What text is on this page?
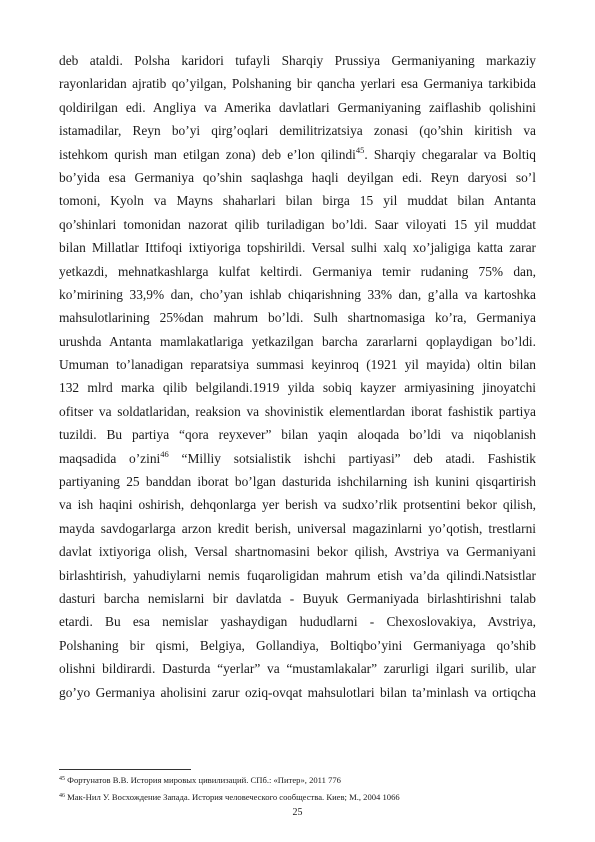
deb ataldi. Polsha karidori tufayli Sharqiy Prussiya Germaniyaning markaziy
rayonlaridan ajratib qo’yilgan, Polshaning bir qancha yerlari esa Germaniya tarkibida
qoldirilgan edi. Angliya va Amerika davlatlari Germaniyaning zaiflashib qolishini
istamadilar, Reyn bo’yi qirg’oqlari demilitrizatsiya zonasi (qo’shin kiritish va
istehkom qurish man etilgan zona) deb e’lon qilindi$^{45}$. Sharqiy chegaralar va Boltiq
bo’yida esa Germaniya qo’shin saqlashga haqli deyilgan edi. Reyn daryosi so’l
tomoni, Kyoln va Mayns shaharlari bilan birga 15 yil muddat bilan Antanta
qo’shinlari tomonidan nazorat qilib turiladigan bo’ldi. Saar viloyati 15 yil muddat
bilan Millatlar Ittifoqi ixtiyoriga topshirildi. Versal sulhi xalq xo’jaligiga katta zarar
yetkazdi, mehnatkashlarga kulfat keltirdi. Germaniya temir rudaning 75% dan,
ko’mirining 33,9% dan, cho’yan ishlab chiqarishning 33% dan, g’alla va kartoshka
mahsulotlarining 25%dan mahrum bo’ldi. Sulh shartnomasiga ko’ra, Germaniya
urushda Antanta mamlakatlariga yetkazilgan barcha zararlarni qoplaydigan bo’ldi.
Umuman to’lanadigan reparatsiya summasi keyinroq (1921 yil mayida) oltin bilan
132 mlrd marka qilib belgilandi.1919 yilda sobiq kayzer armiyasining jinoyatchi
ofitser va soldatlaridan, reaksion va shovinistik elementlardan iborat fashistik partiya
tuzildi. Bu partiya “qora reyxever” bilan yaqin aloqada bo’ldi va niqoblanish
maqsadida o’zini$^{46}$ “Milliy sotsialistik ishchi partiyasi” deb atadi. Fashistik
partiyaning 25 banddan iborat bo’lgan dasturida ishchilarning ish kunini qisqartirish
va ish haqini oshirish, dehqonlarga yer berish va sudxo’rlik protsentini bekor qilish,
mayda savdogarlarga arzon kredit berish, universal magazinlarni yo’qotish, trestlarni
davlat ixtiyoriga olish, Versal shartnomasini bekor qilish, Avstriya va Germaniyani
birlashtirish, yahudiylarni nemis fuqaroligidan mahrum etish va’da qilindi.Natsistlar
dasturi barcha nemislarni bir davlatda - Buyuk Germaniyada birlashtirishni talab
etardi. Bu esa nemislar yashaydigan hududlarni - Chexoslovakiya, Avstriya,
Polshaning bir qismi, Belgiya, Gollandiya, Boltiqbo’yini Germaniyaga qo’shib
olishni bildirardi. Dasturda “yerlar” va “mustamlakalar” zarurligi ilgari surilib, ular
go’yo Germaniya aholisini zarur oziq-ovqat mahsulotlari bilan ta’minlash va ortiqcha
$^{45}$ Фортунатов В.В. История мировых цивилизаций. СПб.: «Питер», 2011 776
$^{46}$ Мак-Нил У. Восхождение Запада. История человеческого сообщества. Киев; М., 2004 1066
25
